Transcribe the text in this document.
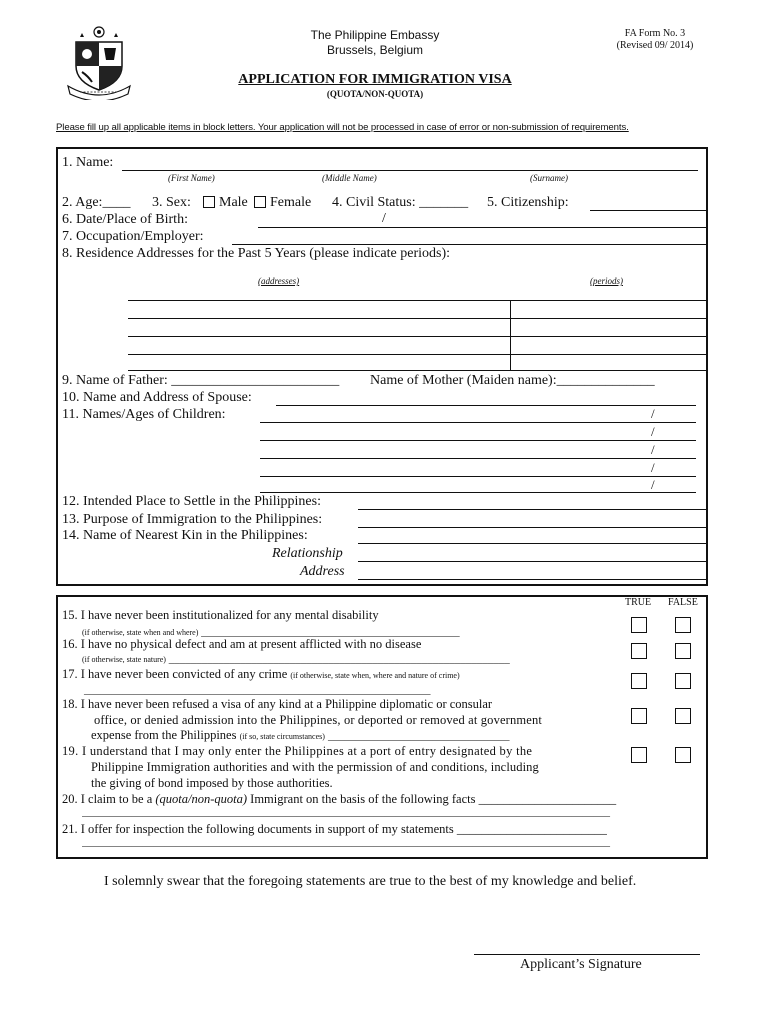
The Philippine Embassy
Brussels, Belgium
FA Form No. 3
(Revised 09/ 2014)
APPLICATION FOR IMMIGRATION VISA
(QUOTA/NON-QUOTA)
Please fill up all applicable items in block letters. Your application will not be processed in case of error or non-submission of requirements.
1. Name:
(First Name)	(Middle Name)	(Surname)
2. Age:____ 3. Sex: Male Female 4. Civil Status: _______ 5. Citizenship:
6. Date/Place of Birth:	/
7. Occupation/Employer:
8. Residence Addresses for the Past 5 Years (please indicate periods):
(addresses)	(periods)
9. Name of Father: ________________________ Name of Mother (Maiden name):______________
10. Name and Address of Spouse:
11. Names/Ages of Children:	/
/
/
/
/
12. Intended Place to Settle in the Philippines:
13. Purpose of Immigration to the Philippines:
14. Name of Nearest Kin in the Philippines:
Relationship
Address
TRUE FALSE
15. I have never been institutionalized for any mental disability
(if otherwise, state when and where) _______________________________________________
16. I have no physical defect and am at present afflicted with no disease
(if otherwise, state nature) ______________________________________________________________
17. I have never been convicted of any crime (if otherwise, state when, where and nature of crime)
_______________________________________________________________
18. I have never been refused a visa of any kind at a Philippine diplomatic or consular
office, or denied admission into the Philippines, or deported or removed at government
expense from the Philippines (if so, state circumstances) _________________________________
19. I understand that I may only enter the Philippines at a port of entry designated by the
Philippine Immigration authorities and with the permission of and conditions, including
the giving of bond imposed by those authorities.
20. I claim to be a (quota/non-quota) Immigrant on the basis of the following facts ______________________
________________________________________________________________________________________________
21. I offer for inspection the following documents in support of my statements ________________________
________________________________________________________________________________________________
I solemnly swear that the foregoing statements are true to the best of my knowledge and belief.
Applicant’s Signature
